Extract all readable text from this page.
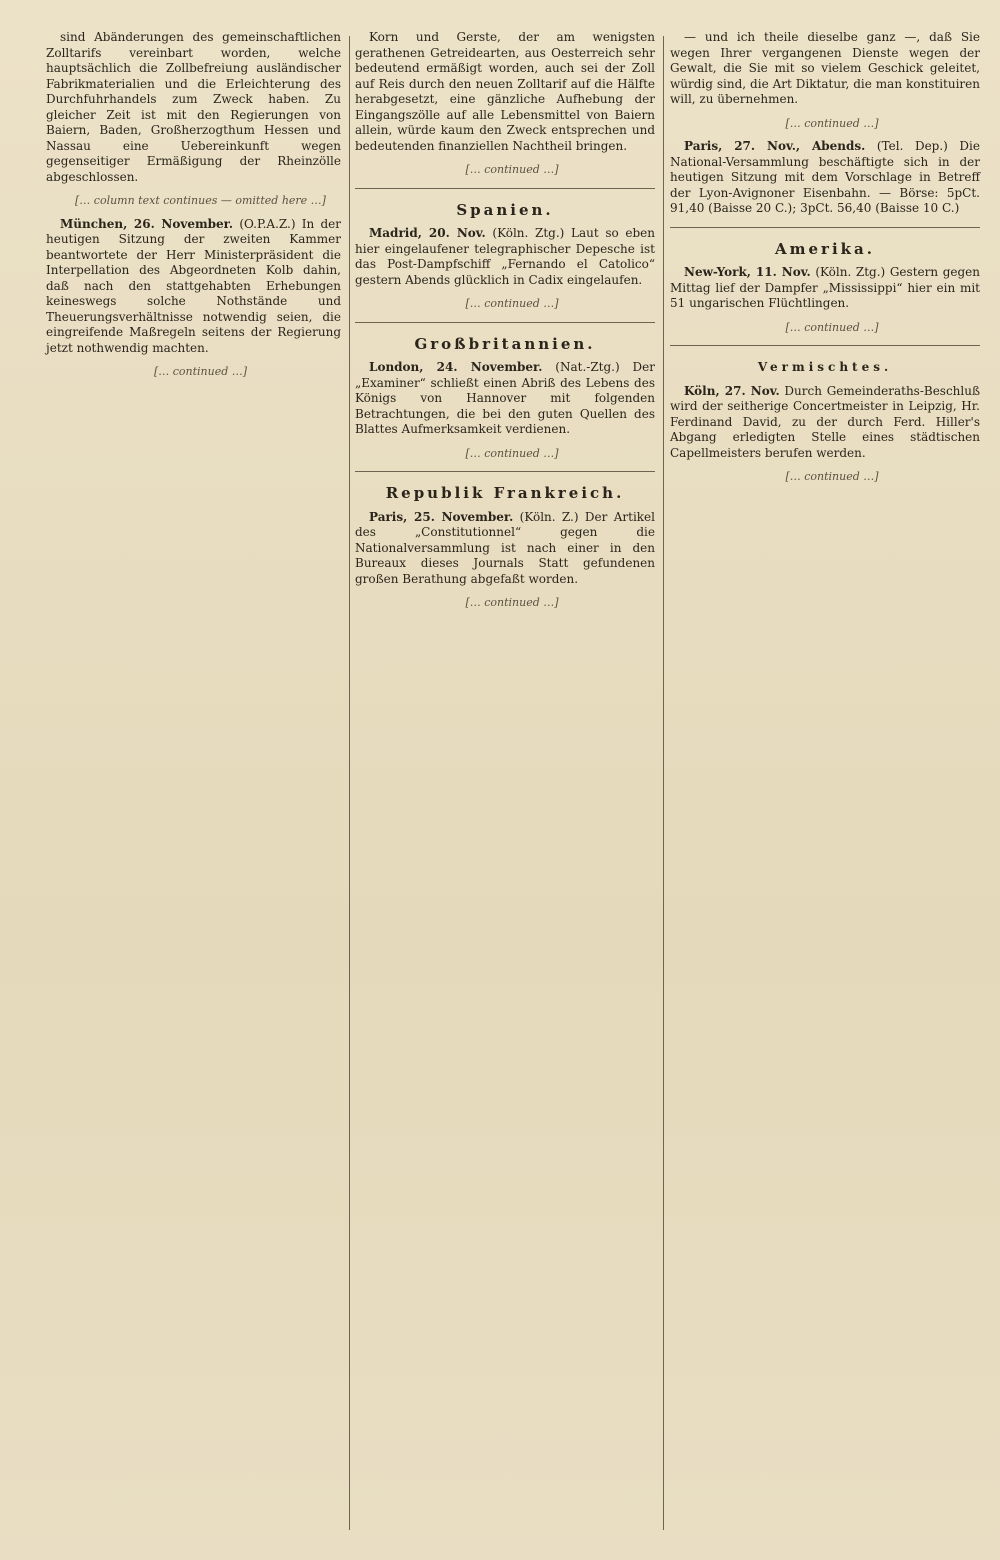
sind Abänderungen des gemeinschaftlichen Zolltarifs vereinbart worden, welche hauptsächlich die Zollbefreiung ausländischer Fabrikmaterialien und die Erleichterung des Durchfuhrhandels zum Zweck haben. Zu gleicher Zeit ist mit den Regierungen von Baiern, Baden, Großherzogthum Hessen und Nassau eine Uebereinkunft wegen gegenseitiger Ermäßigung der Rheinzölle abgeschlossen.

[… column text continues — omitted here …]

München, 26. November. (O.P.A.Z.) In der heutigen Sitzung der zweiten Kammer beantwortete der Herr Ministerpräsident die Interpellation des Abgeordneten Kolb dahin, daß nach den stattgehabten Erhebungen keineswegs solche Nothstände und Theuerungsverhältnisse notwendig seien, die eingreifende Maßregeln seitens der Regierung jetzt nothwendig machten.

[… continued …]

Korn und Gerste, der am wenigsten gerathenen Getreidearten, aus Oesterreich sehr bedeutend ermäßigt worden, auch sei der Zoll auf Reis durch den neuen Zolltarif auf die Hälfte herabgesetzt, eine gänzliche Aufhebung der Eingangszölle auf alle Lebensmittel von Baiern allein, würde kaum den Zweck entsprechen und bedeutenden finanziellen Nachtheil bringen.

[… continued …]

Spanien.

Madrid, 20. Nov. (Köln. Ztg.) Laut so eben hier eingelaufener telegraphischer Depesche ist das Post-Dampfschiff „Fernando el Catolico“ gestern Abends glücklich in Cadix eingelaufen.

[… continued …]

Großbritannien.

London, 24. November. (Nat.-Ztg.) Der „Examiner“ schließt einen Abriß des Lebens des Königs von Hannover mit folgenden Betrachtungen, die bei den guten Quellen des Blattes Aufmerksamkeit verdienen.

[… continued …]

Republik Frankreich.

Paris, 25. November. (Köln. Z.) Der Artikel des „Constitutionnel“ gegen die Nationalversammlung ist nach einer in den Bureaux dieses Journals Statt gefundenen großen Berathung abgefaßt worden.

[… continued …]

— und ich theile dieselbe ganz —, daß Sie wegen Ihrer vergangenen Dienste wegen der Gewalt, die Sie mit so vielem Geschick geleitet, würdig sind, die Art Diktatur, die man konstituiren will, zu übernehmen.

[… continued …]

Paris, 27. Nov., Abends. (Tel. Dep.) Die National-Versammlung beschäftigte sich in der heutigen Sitzung mit dem Vorschlage in Betreff der Lyon-Avignoner Eisenbahn. — Börse: 5pCt. 91,40 (Baisse 20 C.); 3pCt. 56,40 (Baisse 10 C.)

Amerika.

New-York, 11. Nov. (Köln. Ztg.) Gestern gegen Mittag lief der Dampfer „Mississippi“ hier ein mit 51 ungarischen Flüchtlingen.

[… continued …]

Vermischtes.

Köln, 27. Nov. Durch Gemeinderaths-Beschluß wird der seitherige Concertmeister in Leipzig, Hr. Ferdinand David, zu der durch Ferd. Hiller's Abgang erledigten Stelle eines städtischen Capellmeisters berufen werden.

[… continued …]
